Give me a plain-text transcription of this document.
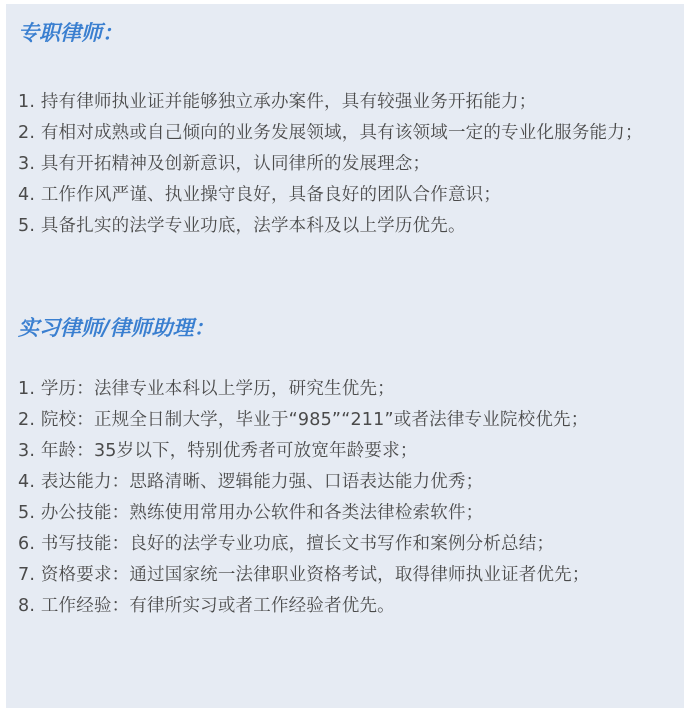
专职律师：
1. 持有律师执业证并能够独立承办案件，具有较强业务开拓能力；
2. 有相对成熟或自己倾向的业务发展领域，具有该领域一定的专业化服务能力；
3. 具有开拓精神及创新意识，认同律所的发展理念；
4. 工作作风严谨、执业操守良好，具备良好的团队合作意识；
5. 具备扎实的法学专业功底，法学本科及以上学历优先。
实习律师/律师助理：
1. 学历：法律专业本科以上学历，研究生优先；
2. 院校：正规全日制大学，毕业于“985”“211”或者法律专业院校优先；
3. 年龄：35岁以下，特别优秀者可放宽年龄要求；
4. 表达能力：思路清晰、逻辑能力强、口语表达能力优秀；
5. 办公技能：熟练使用常用办公软件和各类法律检索软件；
6. 书写技能：良好的法学专业功底，擅长文书写作和案例分析总结；
7. 资格要求：通过国家统一法律职业资格考试，取得律师执业证者优先；
8. 工作经验：有律所实习或者工作经验者优先。
